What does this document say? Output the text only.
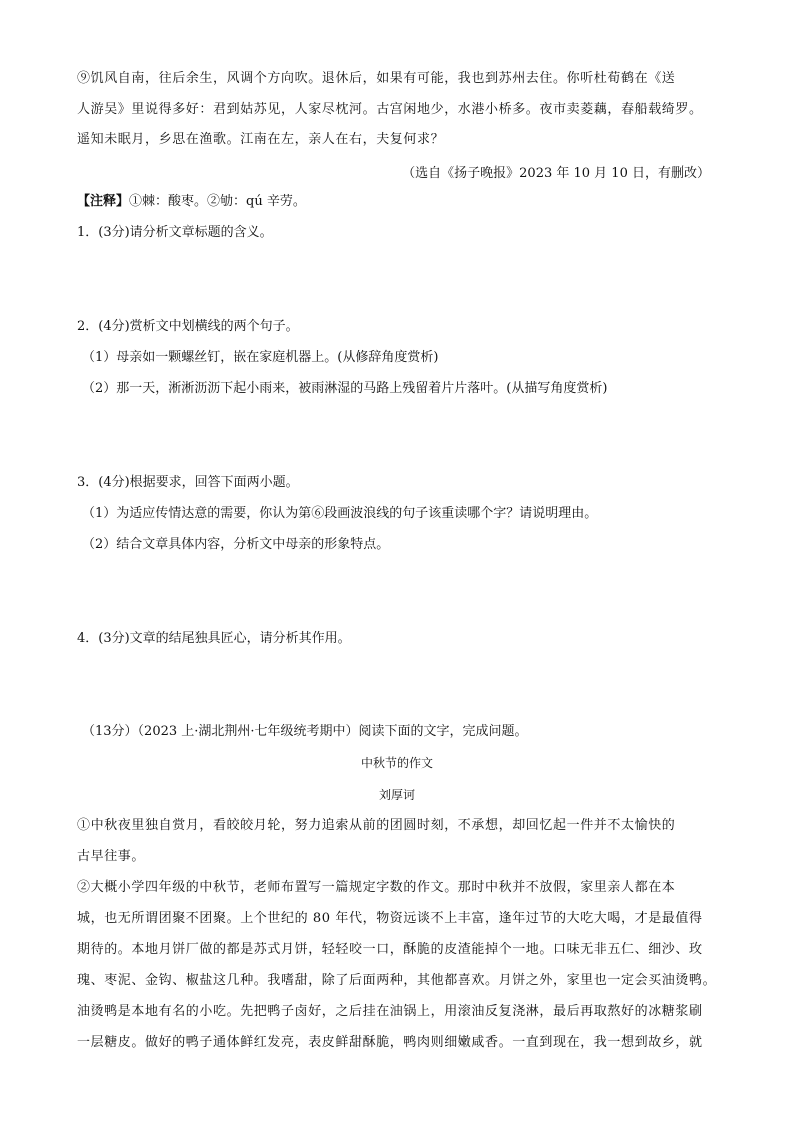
⑨饥风自南，往后余生，风调个方向吹。退休后，如果有可能，我也到苏州去住。你听杜荀鹤在《送
人游吴》里说得多好：君到姑苏见，人家尽枕河。古宫闲地少，水港小桥多。夜市卖菱藕，春船载绮罗。
遥知未眠月，乡思在渔歌。江南在左，亲人在右，夫复何求？
（选自《扬子晚报》2023 年 10 月 10 日，有删改）
【注释】①棘：酸枣。②劬：qú 辛劳。
1．(3分)请分析文章标题的含义。
2．(4分)赏析文中划横线的两个句子。
（1）母亲如一颗螺丝钉，嵌在家庭机器上。(从修辞角度赏析)
（2）那一天，淅淅沥沥下起小雨来，被雨淋湿的马路上残留着片片落叶。(从描写角度赏析)
3．(4分)根据要求，回答下面两小题。
（1）为适应传情达意的需要，你认为第⑥段画波浪线的句子该重读哪个字？请说明理由。
（2）结合文章具体内容，分析文中母亲的形象特点。
4．(3分)文章的结尾独具匠心，请分析其作用。
（13分）（2023 上·湖北荆州·七年级统考期中）阅读下面的文字，完成问题。
中秋节的作文
刘厚诃
①中秋夜里独自赏月，看皎皎月轮，努力追索从前的团圆时刻，不承想，却回忆起一件并不太愉快的
古早往事。
②大概小学四年级的中秋节，老师布置写一篇规定字数的作文。那时中秋并不放假，家里亲人都在本
城，也无所谓团聚不团聚。上个世纪的 80 年代，物资远谈不上丰富，逢年过节的大吃大喝，才是最值得
期待的。本地月饼厂做的都是苏式月饼，轻轻咬一口，酥脆的皮渣能掉个一地。口味无非五仁、细沙、玫
瑰、枣泥、金钩、椒盐这几种。我嗜甜，除了后面两种，其他都喜欢。月饼之外，家里也一定会买油烫鸭。
油烫鸭是本地有名的小吃。先把鸭子卤好，之后挂在油锅上，用滚油反复浇淋，最后再取熬好的冰糖浆刷
一层糖皮。做好的鸭子通体鲜红发亮，表皮鲜甜酥脆，鸭肉则细嫩咸香。一直到现在，我一想到故乡，就
